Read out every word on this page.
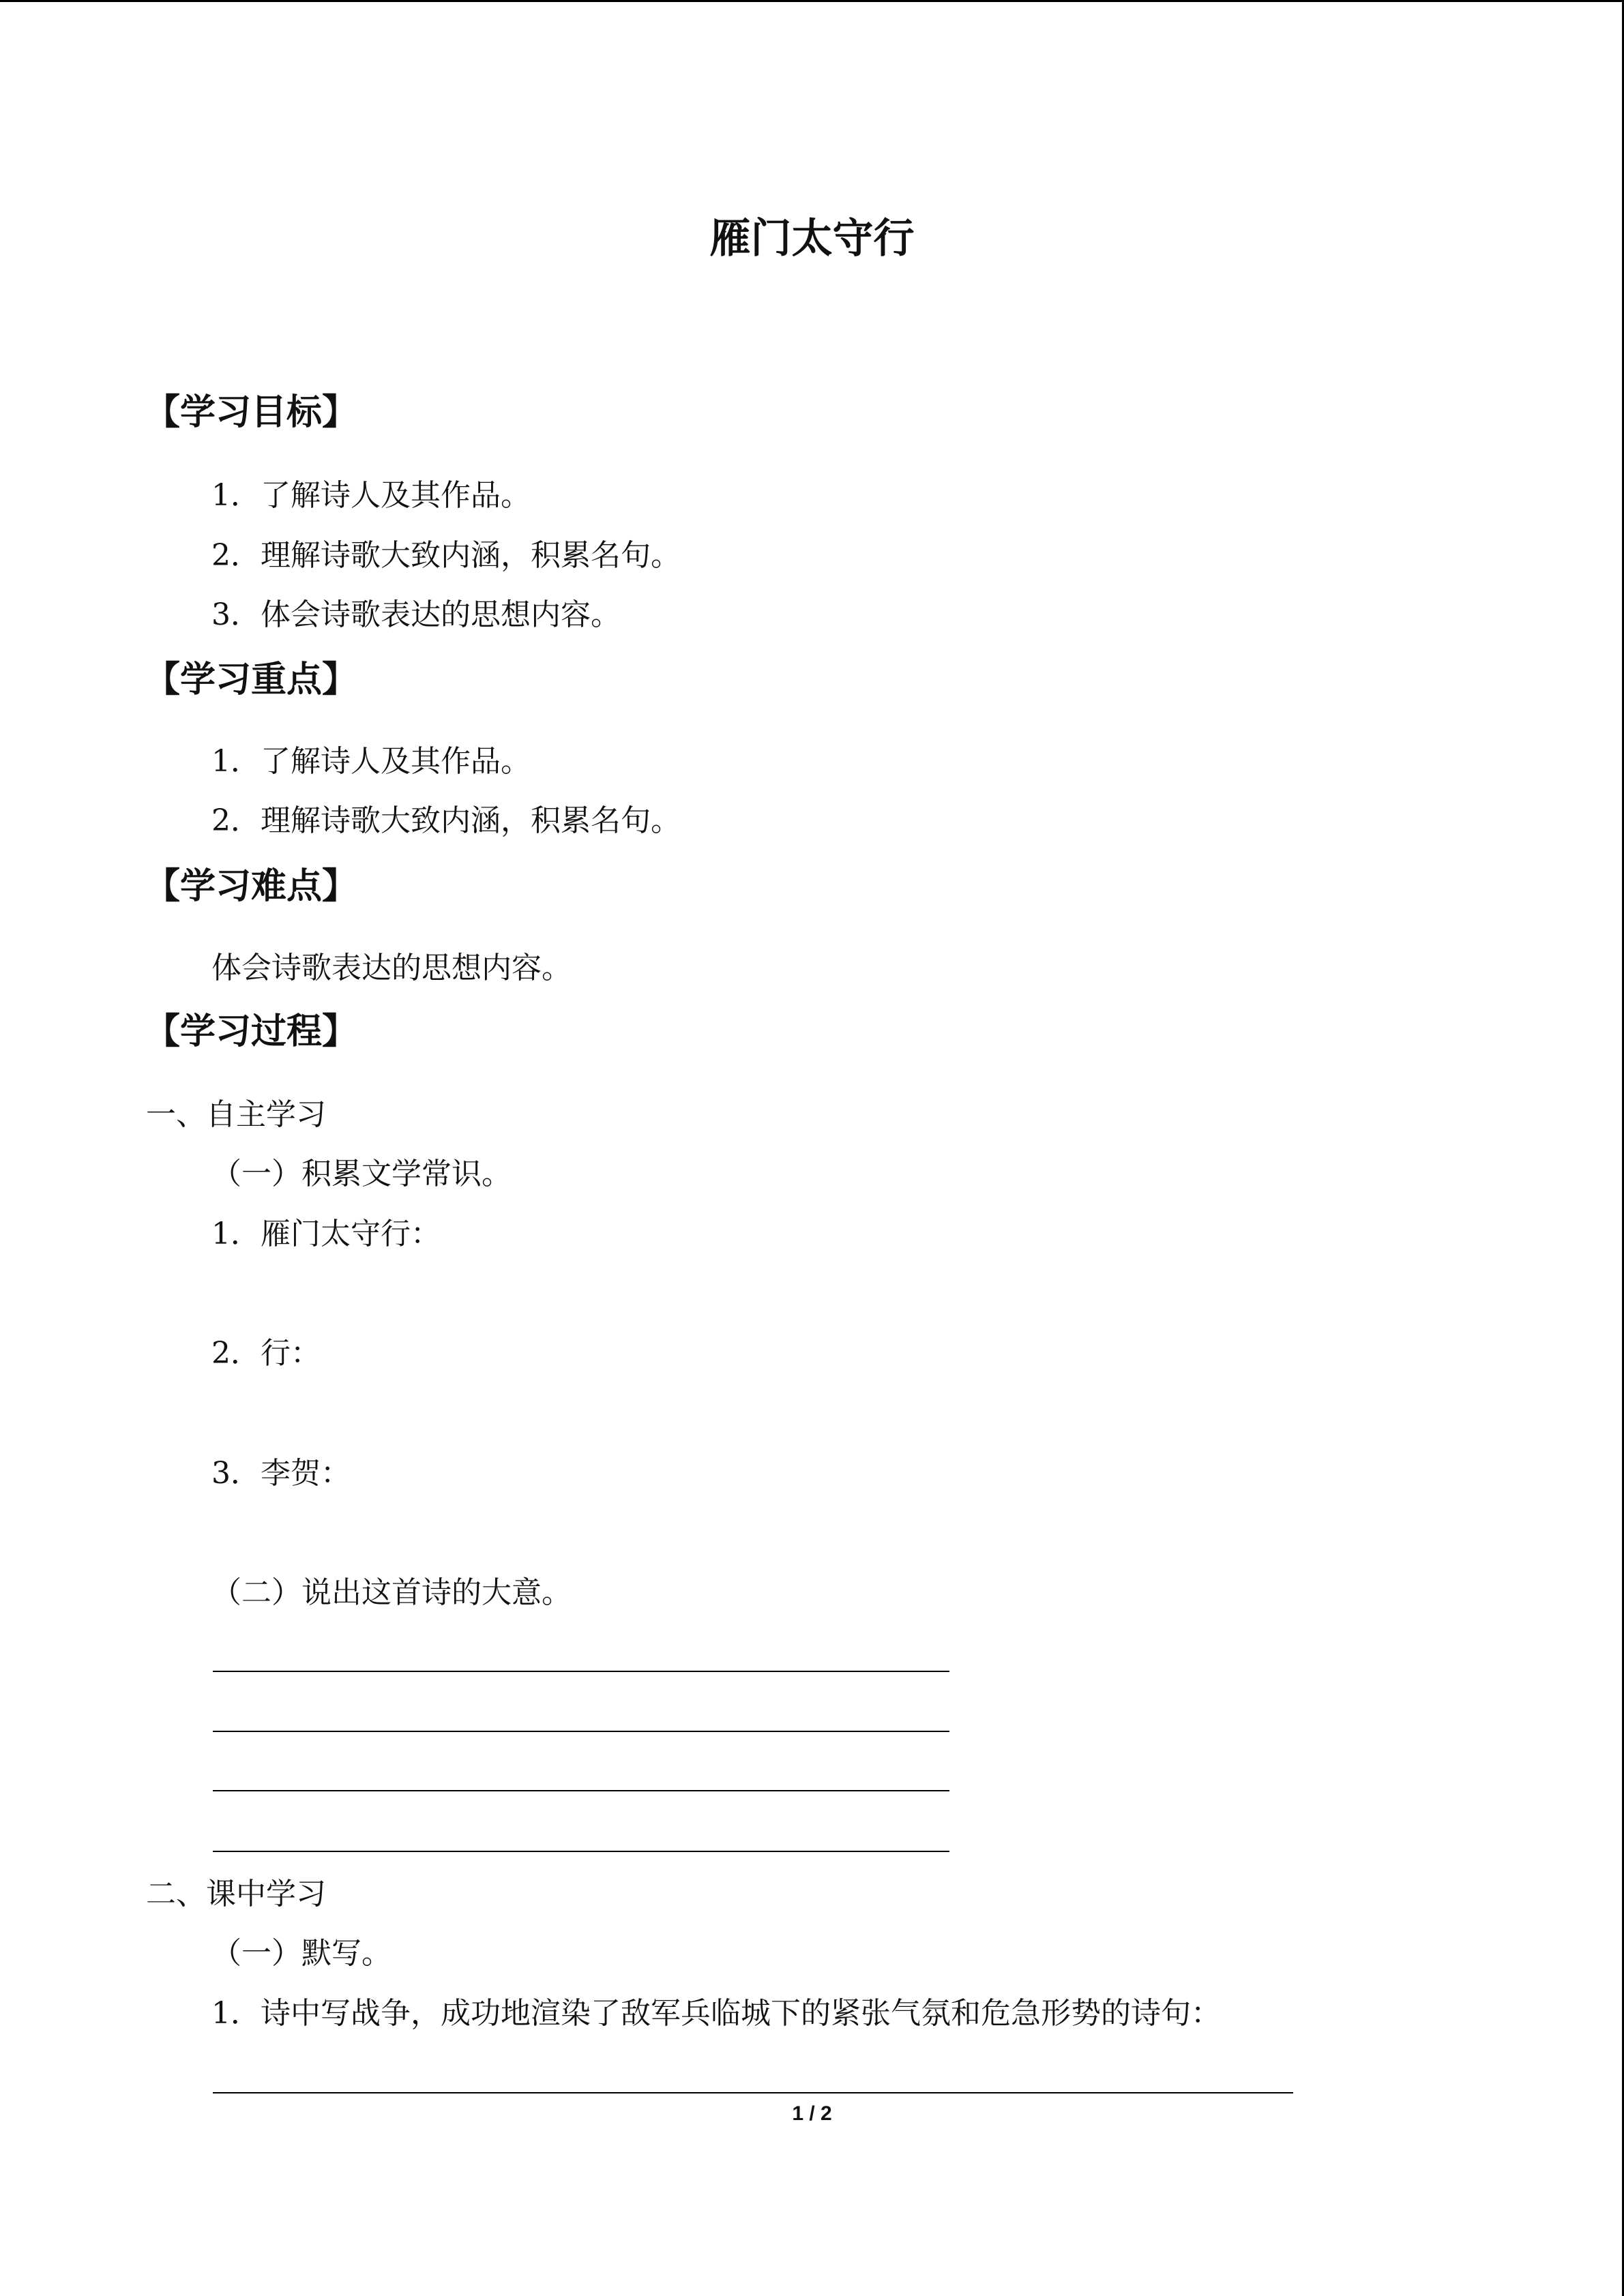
雁门太守行
【学习目标】
1．了解诗人及其作品。
2．理解诗歌大致内涵，积累名句。
3．体会诗歌表达的思想内容。
【学习重点】
1．了解诗人及其作品。
2．理解诗歌大致内涵，积累名句。
【学习难点】
体会诗歌表达的思想内容。
【学习过程】
一、自主学习
（一）积累文学常识。
1．雁门太守行：
2．行：
3．李贺：
（二）说出这首诗的大意。
二、课中学习
（一）默写。
1．诗中写战争，成功地渲染了敌军兵临城下的紧张气氛和危急形势的诗句：
1 / 2
